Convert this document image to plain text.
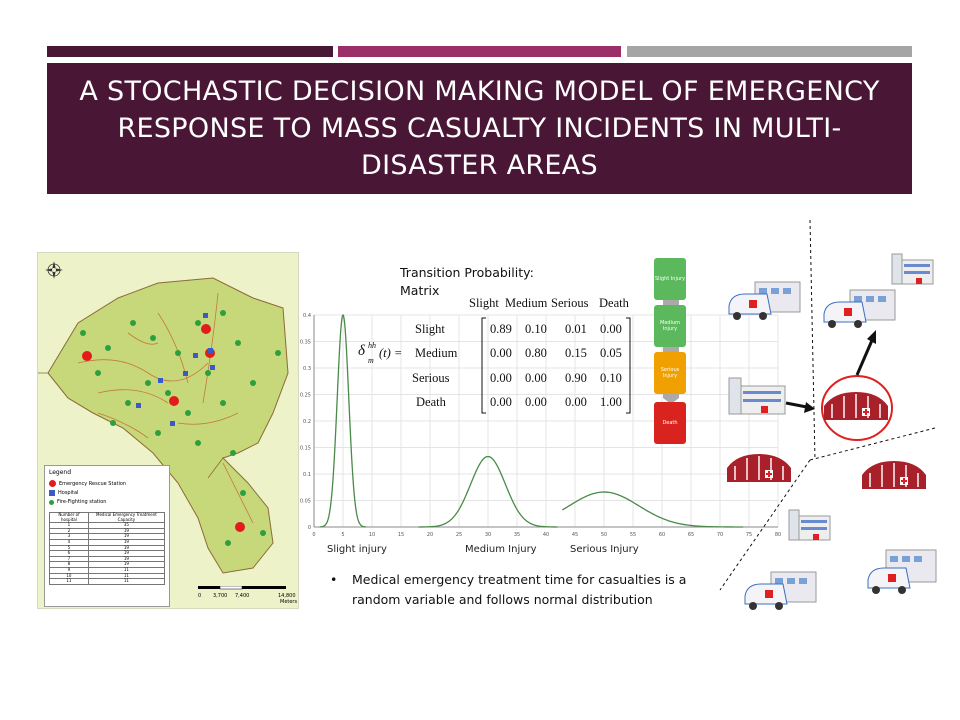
A STOCHASTIC DECISION MAKING MODEL OF EMERGENCY RESPONSE TO MASS CASUALTY INCIDENTS IN MULTI-DISASTER AREAS
Legend
Emergency Rescue Station
Hospital
Fire-Fighting station
Number of hospital	Medical Emergency Treatment Capacity
1	35
2	19
3	19
4	19
5	19
6	19
7	19
8	19
9	11
10	11
11	11
0 3,700 7,400	14,800
Meters
0	5	10	15	20	25	30	35	40	45	50	55	60	65	70	75	80
0
0.05
0.1
0.15
0.2
0.25
0.3
0.35
0.4
Slight injury	Medium Injury	Serious Injury
Transition Probability:
Matrix
Slight Medium Serious Death
Slight
Medium
Serious
Death
δ
m
hh
(t) =
0.89 0.10 0.01 0.00
0.00 0.80 0.15 0.05
0.00 0.00 0.90 0.10
0.00 0.00 0.00 1.00
Slight Injury
Medium Injury
Serious Injury
Death
• Medical emergency treatment time for casualties is a random variable and follows normal distribution
